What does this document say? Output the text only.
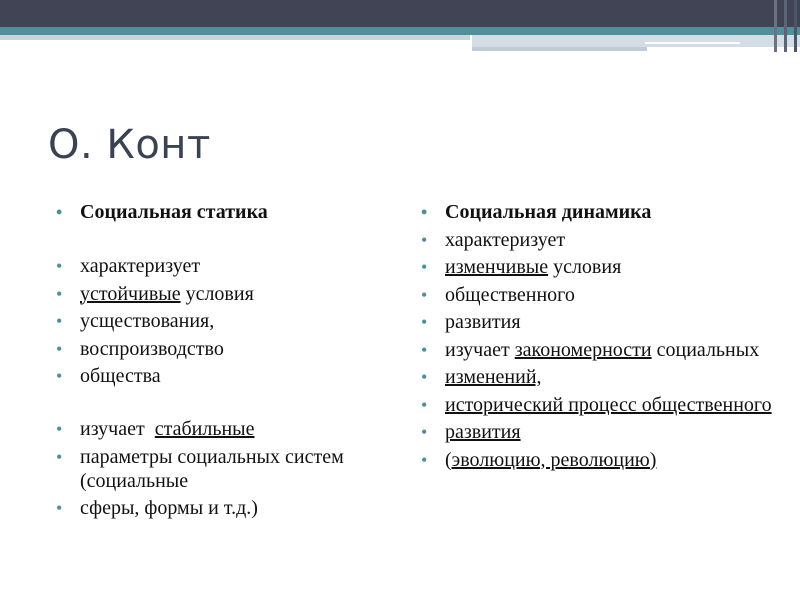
О. Конт
• Социальная статика
• характеризует
• устойчивые условия
• усществования,
• воспроизводство
• общества
• изучает  стабильные
• параметры социальных систем (социальные
• сферы, формы и т.д.)
• Социальная динамика
• характеризует
• изменчивые условия
• общественного
• развития
• изучает закономерности социальных
• изменений,
• исторический процесс общественного
• развития
• (эволюцию, революцию)
